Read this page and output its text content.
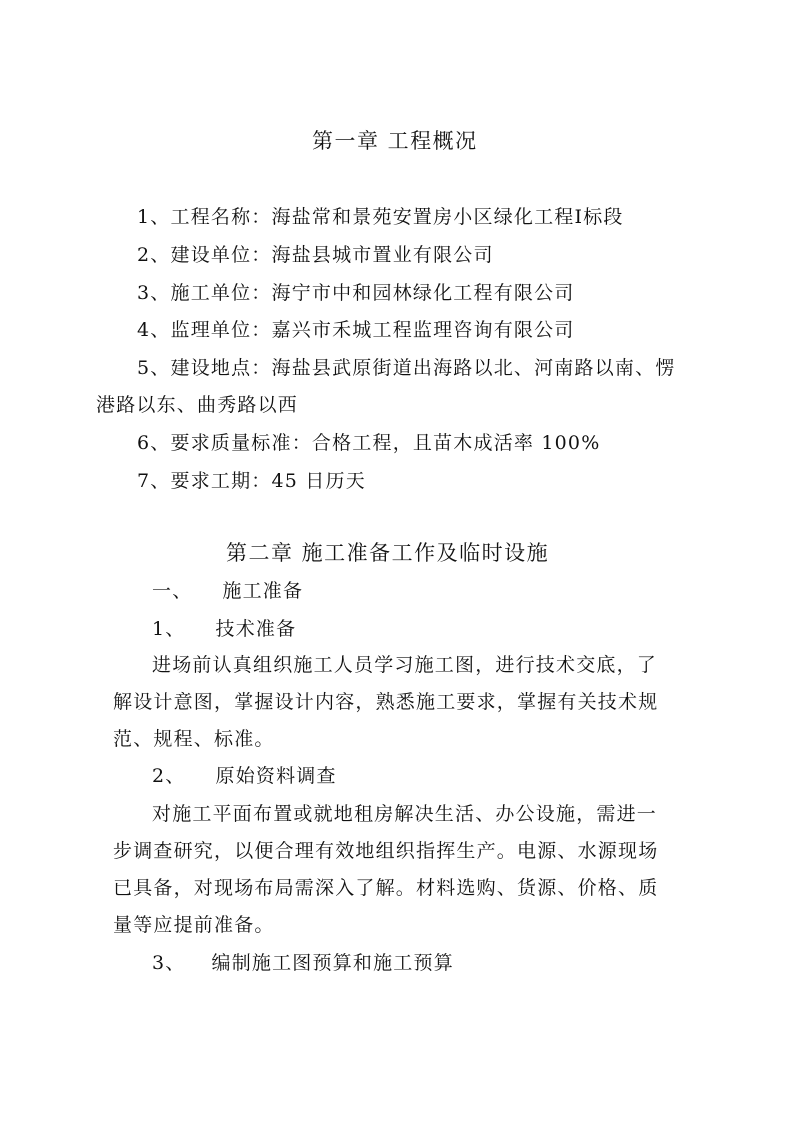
第一章 工程概况
1、工程名称：海盐常和景苑安置房小区绿化工程Ⅰ标段
2、建设单位：海盐县城市置业有限公司
3、施工单位：海宁市中和园林绿化工程有限公司
4、监理单位：嘉兴市禾城工程监理咨询有限公司
5、建设地点：海盐县武原街道出海路以北、河南路以南、愣
港路以东、曲秀路以西
6、要求质量标准：合格工程，且苗木成活率 100%
7、要求工期：45 日历天
第二章 施工准备工作及临时设施
一、 施工准备
1、 技术准备
进场前认真组织施工人员学习施工图，进行技术交底，了
解设计意图，掌握设计内容，熟悉施工要求，掌握有关技术规
范、规程、标准。
2、 原始资料调查
对施工平面布置或就地租房解决生活、办公设施，需进一
步调查研究，以便合理有效地组织指挥生产。电源、水源现场
已具备，对现场布局需深入了解。材料选购、货源、价格、质
量等应提前准备。
3、 编制施工图预算和施工预算
